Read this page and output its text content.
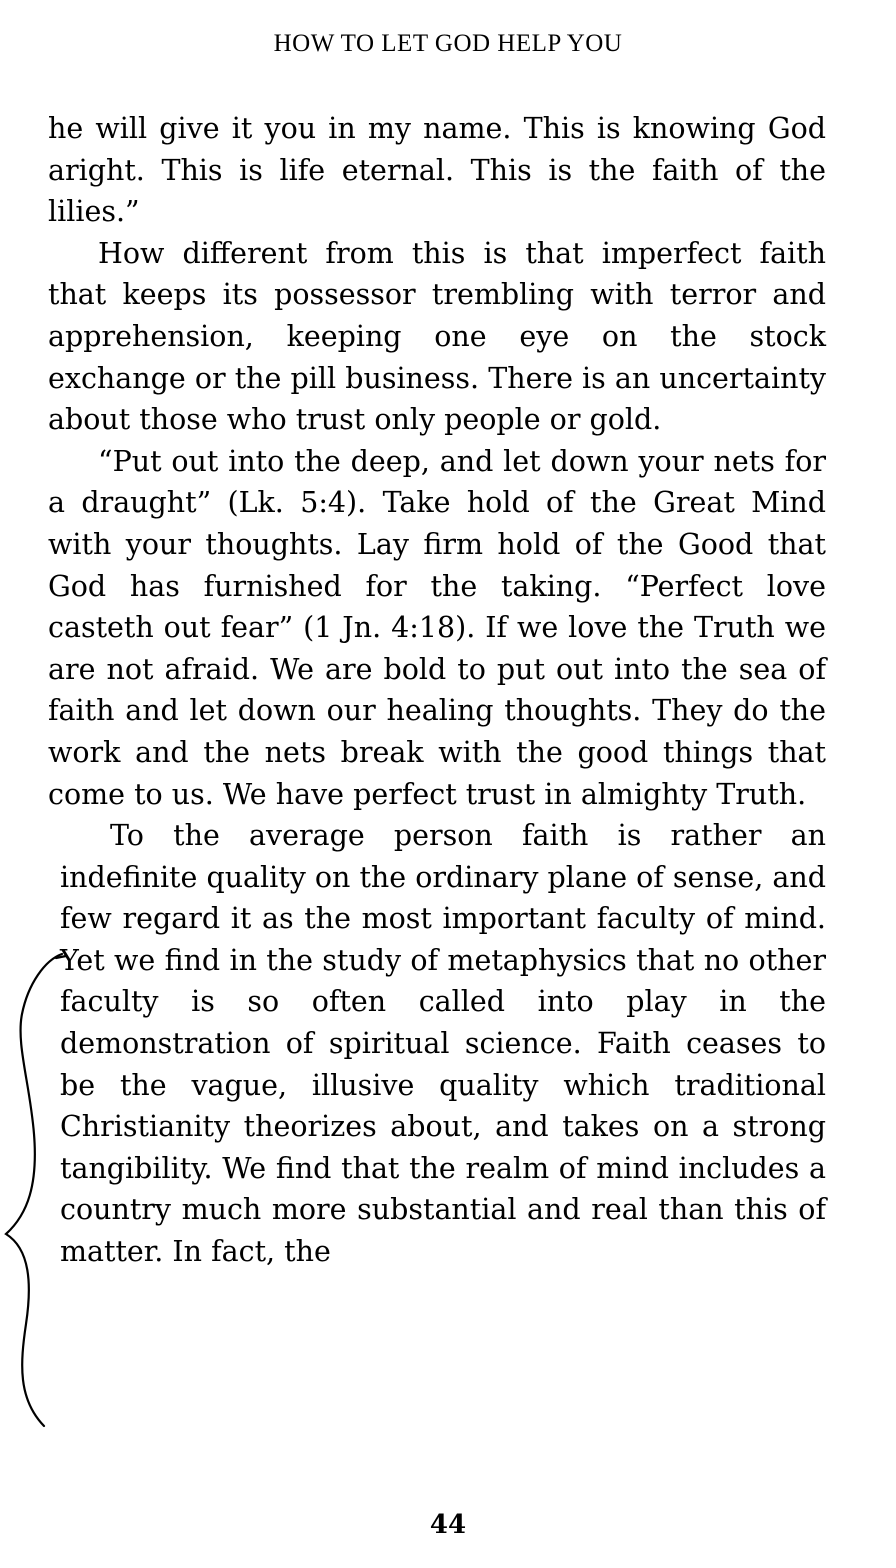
HOW TO LET GOD HELP YOU

he will give it you in my name. This is knowing God aright. This is life eternal. This is the faith of the lilies.”

How different from this is that imperfect faith that keeps its possessor trembling with terror and apprehension, keeping one eye on the stock exchange or the pill business. There is an uncertainty about those who trust only people or gold.

“Put out into the deep, and let down your nets for a draught” (Lk. 5:4). Take hold of the Great Mind with your thoughts. Lay firm hold of the Good that God has furnished for the taking. “Perfect love casteth out fear” (1 Jn. 4:18). If we love the Truth we are not afraid. We are bold to put out into the sea of faith and let down our healing thoughts. They do the work and the nets break with the good things that come to us. We have perfect trust in almighty Truth.

To the average person faith is rather an indefinite quality on the ordinary plane of sense, and few regard it as the most important faculty of mind. Yet we find in the study of metaphysics that no other faculty is so often called into play in the demonstration of spiritual science. Faith ceases to be the vague, illusive quality which traditional Christianity theorizes about, and takes on a strong tangibility. We find that the realm of mind includes a country much more substantial and real than this of matter. In fact, the

44
